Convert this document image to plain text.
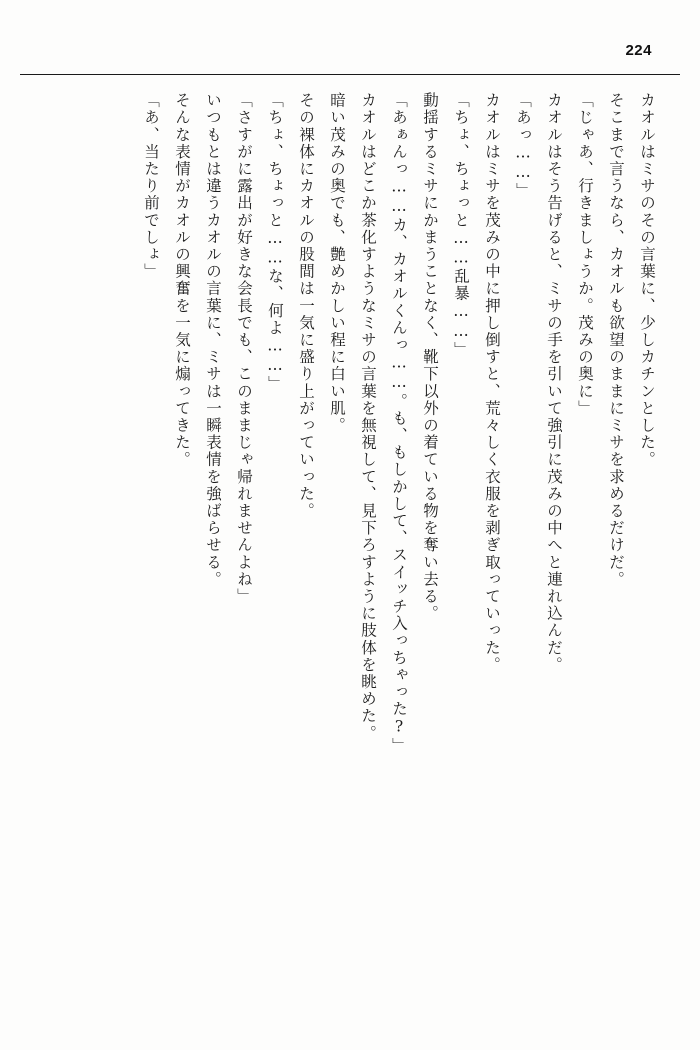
224
カオルはミサのその言葉に、少しカチンとした。
そこまで言うなら、カオルも欲望のままにミサを求めるだけだ。
「じゃあ、行きましょうか。茂みの奥に」
カオルはそう告げると、ミサの手を引いて強引に茂みの中へと連れ込んだ。
「あっ……」
カオルはミサを茂みの中に押し倒すと、荒々しく衣服を剥ぎ取っていった。
「ちょ、ちょっと……乱暴……」
動揺するミサにかまうことなく、靴下以外の着ている物を奪い去る。
「あぁんっ……カ、カオルくんっ……。も、もしかして、スイッチ入っちゃった?」
カオルはどこか茶化すようなミサの言葉を無視して、見下ろすように肢体を眺めた。
暗い茂みの奥でも、艶めかしい程に白い肌。
その裸体にカオルの股間は一気に盛り上がっていった。
「ちょ、ちょっと……な、何よ……」
「さすがに露出が好きな会長でも、このままじゃ帰れませんよね」
いつもとは違うカオルの言葉に、ミサは一瞬表情を強ばらせる。
そんな表情がカオルの興奮を一気に煽ってきた。
「あ、当たり前でしょ」
